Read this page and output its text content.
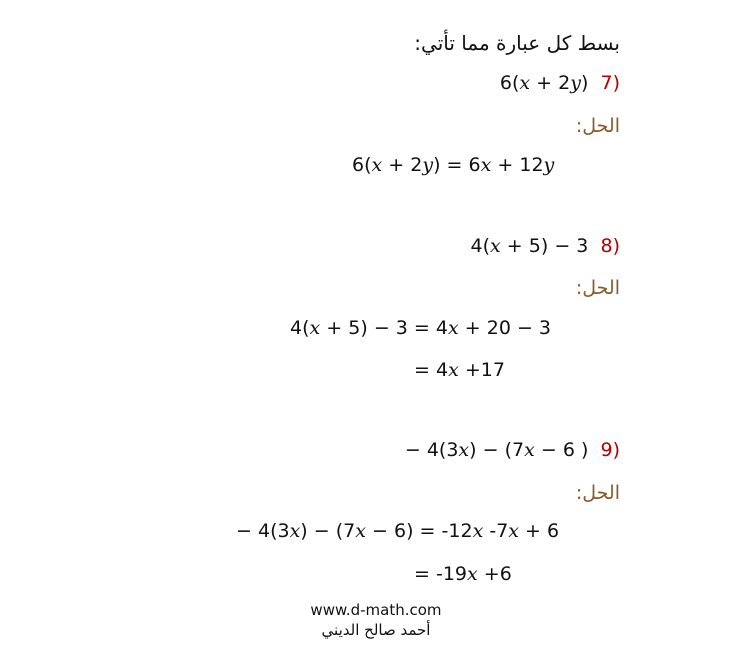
بسط كل عبارة مما تأتي:
6(x + 2y) 7)
الحل:
6(x + 2y) = 6x + 12y
4(x + 5) − 3 8)
الحل:
4(x + 5) − 3 = 4x + 20 − 3
= 4x +17
− 4(3x) − (7x − 6 ) 9)
الحل:
− 4(3x) − (7x − 6) = -12x -7x + 6
= -19x +6
www.d-math.com
أحمد صالح الديني
